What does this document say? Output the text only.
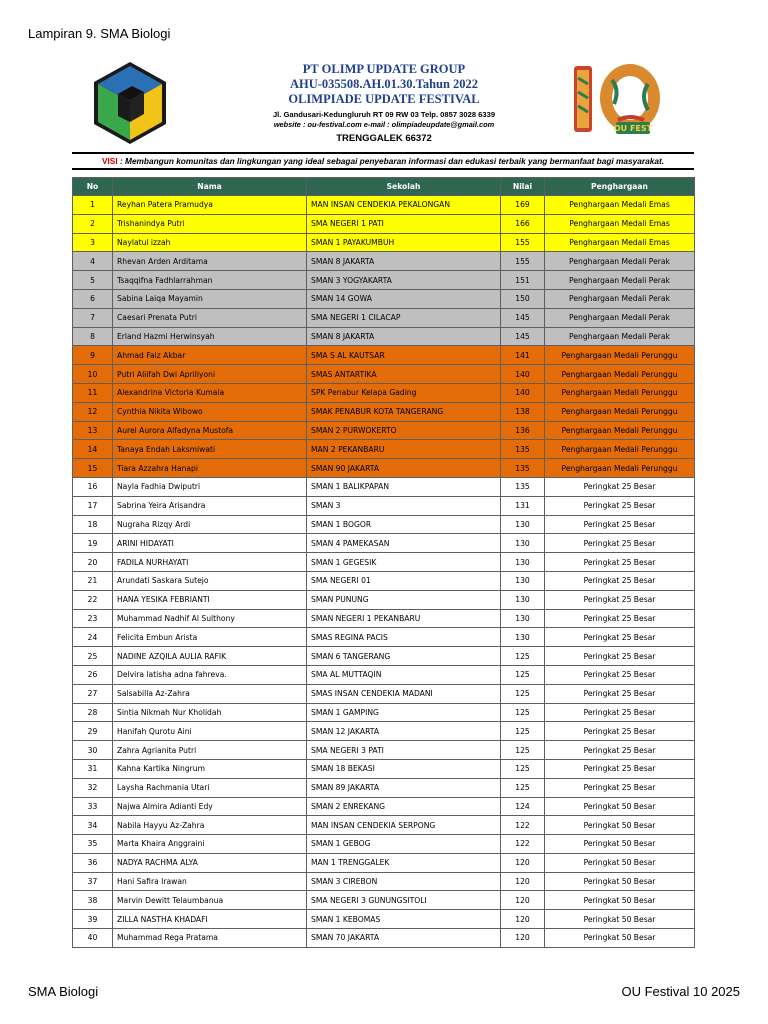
Lampiran 9. SMA Biologi
PT OLIMP UPDATE GROUP
AHU-035508.AH.01.30.Tahun 2022
OLIMPIADE UPDATE FESTIVAL
Jl. Gandusari-Kedungluruh RT 09 RW 03 Telp. 0857 3028 6339
website : ou-festival.com e-mail : olimpiadeupdate@gmail.com
TRENGGALEK 66372
OU FEST
VISI : Membangun komunitas dan lingkungan yang ideal sebagai penyebaran informasi dan edukasi terbaik yang bermanfaat bagi masyarakat.
No	Nama	Sekolah	Nilai	Penghargaan
1	Reyhan Patera Pramudya	MAN INSAN CENDEKIA PEKALONGAN	169	Penghargaan Medali Emas
2	Trishanindya Putri	SMA NEGERI 1 PATI	166	Penghargaan Medali Emas
3	Naylatul izzah	SMAN 1 PAYAKUMBUH	155	Penghargaan Medali Emas
4	Rhevan Arden Arditama	SMAN 8 JAKARTA	155	Penghargaan Medali Perak
5	Tsaqqifna Fadhlarrahman	SMAN 3 YOGYAKARTA	151	Penghargaan Medali Perak
6	Sabina Laiqa Mayamin	SMAN 14 GOWA	150	Penghargaan Medali Perak
7	Caesari Prenata Putri	SMA NEGERI 1 CILACAP	145	Penghargaan Medali Perak
8	Erland Hazmi Herwinsyah	SMAN 8 JAKARTA	145	Penghargaan Medali Perak
9	Ahmad Faiz Akbar	SMA S AL KAUTSAR	141	Penghargaan Medali Perunggu
10	Putri Aliifah Dwi Apriliyoni	SMAS ANTARTIKA	140	Penghargaan Medali Perunggu
11	Alexandrina Victoria Kumala	SPK Penabur Kelapa Gading	140	Penghargaan Medali Perunggu
12	Cynthia Nikita Wibowo	SMAK PENABUR KOTA TANGERANG	138	Penghargaan Medali Perunggu
13	Aurel Aurora Alfadyna Mustofa	SMAN 2 PURWOKERTO	136	Penghargaan Medali Perunggu
14	Tanaya Endah Laksmiwati	MAN 2 PEKANBARU	135	Penghargaan Medali Perunggu
15	Tiara Azzahra Hanapi	SMAN 90 JAKARTA	135	Penghargaan Medali Perunggu
16	Nayla Fadhia Dwiputri	SMAN 1 BALIKPAPAN	135	Peringkat 25 Besar
17	Sabrina Yeira Arisandra	SMAN 3	131	Peringkat 25 Besar
18	Nugraha Rizqy Ardi	SMAN 1 BOGOR	130	Peringkat 25 Besar
19	ARINI HIDAYATI	SMAN 4 PAMEKASAN	130	Peringkat 25 Besar
20	FADILA NURHAYATI	SMAN 1 GEGESIK	130	Peringkat 25 Besar
21	Arundati Saskara Sutejo	SMA NEGERI 01	130	Peringkat 25 Besar
22	HANA YESIKA FEBRIANTI	SMAN PUNUNG	130	Peringkat 25 Besar
23	Muhammad Nadhif Al Sulthony	SMAN NEGERI 1 PEKANBARU	130	Peringkat 25 Besar
24	Felicita Embun Arista	SMAS REGINA PACIS	130	Peringkat 25 Besar
25	NADINE AZQILA AULIA RAFIK	SMAN 6 TANGERANG	125	Peringkat 25 Besar
26	Delvira latisha adna fahreva.	SMA AL MUTTAQIN	125	Peringkat 25 Besar
27	Salsabilla Az-Zahra	SMAS INSAN CENDEKIA MADANI	125	Peringkat 25 Besar
28	Sintia Nikmah Nur Kholidah	SMAN 1 GAMPING	125	Peringkat 25 Besar
29	Hanifah Qurotu Aini	SMAN 12 JAKARTA	125	Peringkat 25 Besar
30	Zahra Agrianita Putri	SMA NEGERI 3 PATI	125	Peringkat 25 Besar
31	Kahna Kartika Ningrum	SMAN 18 BEKASI	125	Peringkat 25 Besar
32	Laysha Rachmania Utari	SMAN 89 JAKARTA	125	Peringkat 25 Besar
33	Najwa Almira Adianti Edy	SMAN 2 ENREKANG	124	Peringkat 50 Besar
34	Nabila Hayyu Az-Zahra	MAN INSAN CENDEKIA SERPONG	122	Peringkat 50 Besar
35	Marta Khaira Anggraini	SMAN 1 GEBOG	122	Peringkat 50 Besar
36	NADYA RACHMA ALYA	MAN 1 TRENGGALEK	120	Peringkat 50 Besar
37	Hani Safira Irawan	SMAN 3 CIREBON	120	Peringkat 50 Besar
38	Marvin Dewitt Telaumbanua	SMA NEGERI 3 GUNUNGSITOLI	120	Peringkat 50 Besar
39	ZILLA NASTHA KHADAFI	SMAN 1 KEBOMAS	120	Peringkat 50 Besar
40	Muhammad Rega Pratama	SMAN 70 JAKARTA	120	Peringkat 50 Besar
SMA Biologi	OU Festival 10 2025
